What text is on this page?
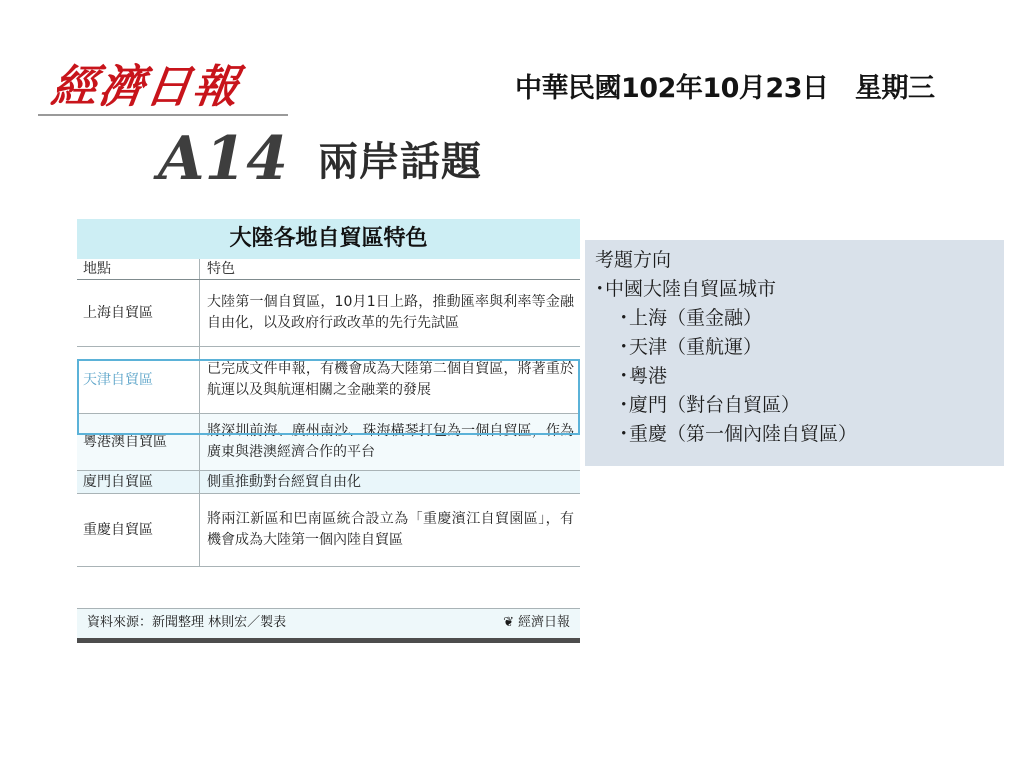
經濟日報	中華民國102年10月23日　星期三
A14 兩岸話題
大陸各地自貿區特色
地點	特色
上海自貿區	大陸第一個自貿區，10月1日上路，推動匯率與利率等金融自由化，以及政府行政改革的先行先試區
天津自貿區	已完成文件申報，有機會成為大陸第二個自貿區，將著重於航運以及與航運相關之金融業的發展
粵港澳自貿區	將深圳前海、廣州南沙、珠海橫琴打包為一個自貿區，作為廣東與港澳經濟合作的平台
廈門自貿區	側重推動對台經貿自由化
重慶自貿區	將兩江新區和巴南區統合設立為「重慶濱江自貿園區」，有機會成為大陸第一個內陸自貿區
資料來源：新聞整理 林則宏／製表	❦ 經濟日報
考題方向
･中國大陸自貿區城市
･上海（重金融）
･天津（重航運）
･粵港
･廈門（對台自貿區）
･重慶（第一個內陸自貿區）
